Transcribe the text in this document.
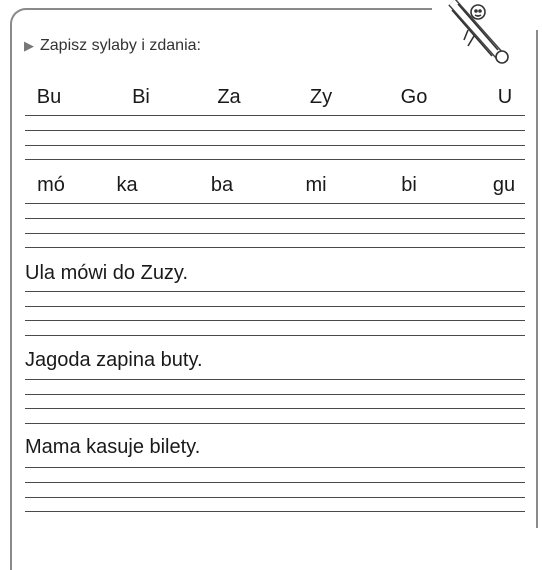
▶ Zapisz sylaby i zdania:
Bu	Bi	Za	Zy	Go	U
mó	ka	ba	mi	bi	gu
Ula mówi do Zuzy.
Jagoda zapina buty.
Mama kasuje bilety.
